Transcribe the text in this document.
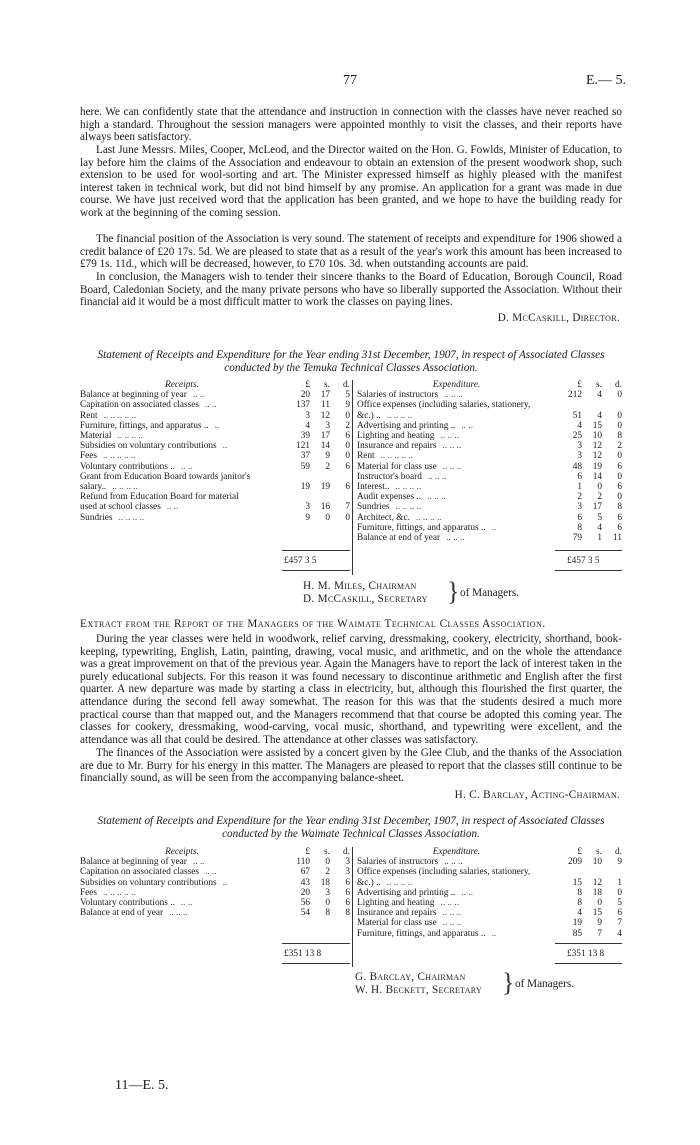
77	E.— 5.

here. We can confidently state that the attendance and instruction in connection with the classes have never reached so high a standard. Throughout the session managers were appointed monthly to visit the classes, and their reports have always been satisfactory.

Last June Messrs. Miles, Cooper, McLeod, and the Director waited on the Hon. G. Fowlds, Minister of Education, to lay before him the claims of the Association and endeavour to obtain an extension of the present woodwork shop, such extension to be used for wool-sorting and art. The Minister expressed himself as highly pleased with the manifest interest taken in technical work, but did not bind himself by any promise. An application for a grant was made in due course. We have just received word that the application has been granted, and we hope to have the building ready for work at the beginning of the coming session.

The financial position of the Association is very sound. The statement of receipts and expenditure for 1906 showed a credit balance of £20 17s. 5d. We are pleased to state that as a result of the year's work this amount has been increased to £79 1s. 11d., which will be decreased, however, to £70 10s. 3d. when outstanding accounts are paid.

In conclusion, the Managers wish to tender their sincere thanks to the Board of Education, Borough Council, Road Board, Caledonian Society, and the many private persons who have so liberally supported the Association. Without their financial aid it would be a most difficult matter to work the classes on paying lines.

D. McCaskill, Director.

Statement of Receipts and Expenditure for the Year ending 31st December, 1907, in respect of Associated Classes conducted by the Temuka Technical Classes Association.

Receipts.	£	s.	d.
Balance at beginning of year .. ..	20	17	5
Capitation on associated classes .. ..	137	11	9
Rent .. .. .. .. ..	3	12	0
Furniture, fittings, and apparatus .. ..	4	3	2
Material .. .. .. ..	39	17	6
Subsidies on voluntary contributions ..	121	14	0
Fees .. .. .. .. ..	37	9	0
Voluntary contributions .. .. ..	59	2	6
Grant from Education Board towards janitor's			
salary.. .. .. .. ..	19	19	6
Refund from Education Board for material			
used at school classes .. ..	3	16	7
Sundries .. .. .. ..	9	0	0
Expenditure.	£	s.	d.
Salaries of instructors .. .. ..	212	4	0
Office expenses (including salaries, stationery,			
&c.) .. .. .. .. ..	51	4	0
Advertising and printing .. .. ..	4	15	0
Lighting and heating .. .. ..	25	10	8
Insurance and repairs .. .. ..	3	12	2
Rent .. .. .. .. ..	3	12	0
Material for class use .. .. ..	48	19	6
Instructor's board .. .. ..	6	14	0
Interest.. .. .. .. ..	1	0	6
Audit expenses .. .. .. ..	2	2	0
Sundries .. .. .. ..	3	17	8
Architect, &c. .. .. .. ..	6	5	6
Furniture, fittings, and apparatus .. ..	8	4	6
Balance at end of year .. .. ..	79	1	11
£457 3 5	£457 3 5
H. M. Miles, Chairman
D. McCaskill, Secretary } of Managers.
Extract from the Report of the Managers of the Waimate Technical Classes Association.

During the year classes were held in woodwork, relief carving, dressmaking, cookery, electricity, shorthand, book-keeping, typewriting, English, Latin, painting, drawing, vocal music, and arithmetic, and on the whole the attendance was a great improvement on that of the previous year. Again the Managers have to report the lack of interest taken in the purely educational subjects. For this reason it was found necessary to discontinue arithmetic and English after the first quarter. A new departure was made by starting a class in electricity, but, although this flourished the first quarter, the attendance during the second fell away somewhat. The reason for this was that the students desired a much more practical course than that mapped out, and the Managers recommend that that course be adopted this coming year. The classes for cookery, dressmaking, wood-carving, vocal music, shorthand, and typewriting were excellent, and the attendance was all that could be desired. The attendance at other classes was satisfactory.

The finances of the Association were assisted by a concert given by the Glee Club, and the thanks of the Association are due to Mr. Burry for his energy in this matter. The Managers are pleased to report that the classes still continue to be financially sound, as will be seen from the accompanying balance-sheet.

H. C. Barclay, Acting-Chairman.

Statement of Receipts and Expenditure for the Year ending 31st December, 1907, in respect of Associated Classes conducted by the Waimate Technical Classes Association.

Receipts.	£	s.	d.
Balance at beginning of year .. ..	110	0	3
Capitation on associated classes .. ..	67	2	3
Subsidies on voluntary contributions ..	43	18	6
Fees .. .. .. .. ..	20	3	6
Voluntary contributions .. .. ..	56	0	6
Balance at end of year .. .. ..	54	8	8
Expenditure.	£	s.	d.
Salaries of instructors .. .. ..	209	10	9
Office expenses (including salaries, stationery,			
&c.) .. .. .. .. ..	15	12	1
Advertising and printing .. .. ..	8	18	0
Lighting and heating .. .. ..	8	0	5
Insurance and repairs .. .. ..	4	15	6
Material for class use .. .. ..	19	9	7
Furniture, fittings, and apparatus .. ..	85	7	4
£351 13 8	£351 13 8
G. Barclay, Chairman
W. H. Beckett, Secretary } of Managers.
11—E. 5.
